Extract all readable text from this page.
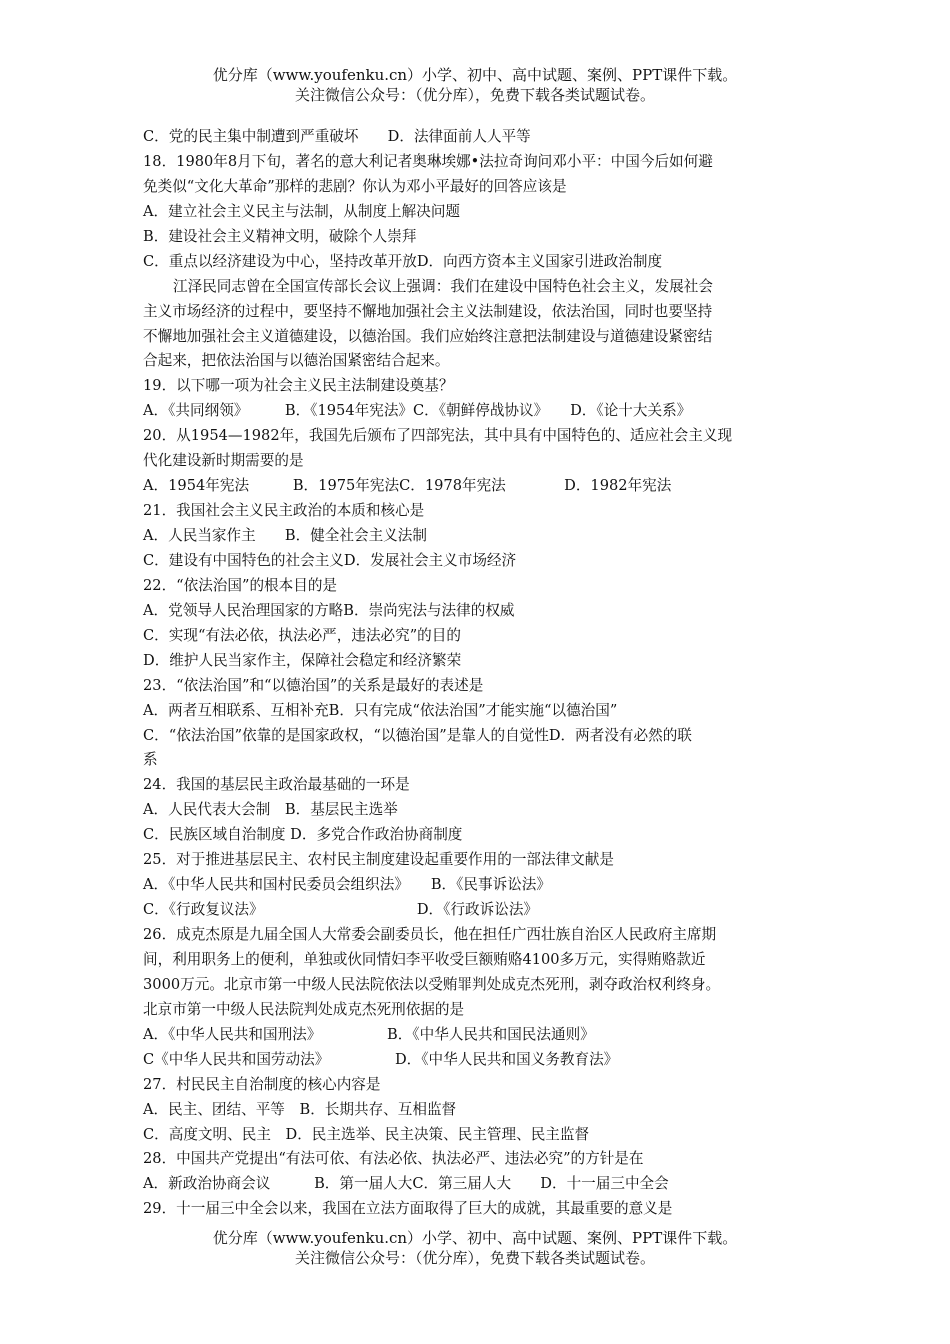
优分库（www.youfenku.cn）小学、初中、高中试题、案例、PPT课件下载。
关注微信公众号：（优分库），免费下载各类试题试卷。
C．党的民主集中制遭到严重破坏　　D．法律面前人人平等
18．1980年8月下旬，著名的意大利记者奥琳埃娜•法拉奇询问邓小平：中国今后如何避
免类似“文化大革命”那样的悲剧？你认为邓小平最好的回答应该是
A．建立社会主义民主与法制，从制度上解决问题
B．建设社会主义精神文明，破除个人崇拜
C．重点以经济建设为中心，坚持改革开放D．向西方资本主义国家引进政治制度
江泽民同志曾在全国宣传部长会议上强调：我们在建设中国特色社会主义，发展社会
主义市场经济的过程中，要坚持不懈地加强社会主义法制建设，依法治国，同时也要坚持
不懈地加强社会主义道德建设，以德治国。我们应始终注意把法制建设与道德建设紧密结
合起来，把依法治国与以德治国紧密结合起来。
19．以下哪一项为社会主义民主法制建设奠基？
A．《共同纲领》　　　B．《1954年宪法》C．《朝鲜停战协议》　　D．《论十大关系》
20．从1954—1982年，我国先后颁布了四部宪法，其中具有中国特色的、适应社会主义现
代化建设新时期需要的是
A．1954年宪法　　　B．1975年宪法C．1978年宪法　　　　D．1982年宪法
21．我国社会主义民主政治的本质和核心是
A．人民当家作主　　B．健全社会主义法制
C．建设有中国特色的社会主义D．发展社会主义市场经济
22．“依法治国”的根本目的是
A．党领导人民治理国家的方略B．崇尚宪法与法律的权威
C．实现“有法必依，执法必严，违法必究”的目的
D．维护人民当家作主，保障社会稳定和经济繁荣
23．“依法治国”和“以德治国”的关系是最好的表述是
A．两者互相联系、互相补充B．只有完成“依法治国”才能实施“以德治国”
C．“依法治国”依靠的是国家政权，“以德治国”是靠人的自觉性D．两者没有必然的联
系
24．我国的基层民主政治最基础的一环是
A．人民代表大会制　B．基层民主选举
C．民族区域自治制度 D．多党合作政治协商制度
25．对于推进基层民主、农村民主制度建设起重要作用的一部法律文献是
A．《中华人民共和国村民委员会组织法》　　B．《民事诉讼法》
C．《行政复议法》　　　　　　　　　　　D．《行政诉讼法》
26．成克杰原是九届全国人大常委会副委员长，他在担任广西壮族自治区人民政府主席期
间，利用职务上的便利，单独或伙同情妇李平收受巨额贿赂4100多万元，实得贿赂款近
3000万元。北京市第一中级人民法院依法以受贿罪判处成克杰死刑，剥夺政治权利终身。
北京市第一中级人民法院判处成克杰死刑依据的是
A．《中华人民共和国刑法》　　　　　B．《中华人民共和国民法通则》
C《中华人民共和国劳动法》　　　　　D．《中华人民共和国义务教育法》
27．村民民主自治制度的核心内容是
A．民主、团结、平等　B．长期共存、互相监督
C．高度文明、民主　D．民主选举、民主决策、民主管理、民主监督
28．中国共产党提出“有法可依、有法必依、执法必严、违法必究”的方针是在
A．新政治协商会议　　　B．第一届人大C．第三届人大　　D．十一届三中全会
29．十一届三中全会以来，我国在立法方面取得了巨大的成就，其最重要的意义是
优分库（www.youfenku.cn）小学、初中、高中试题、案例、PPT课件下载。
关注微信公众号：（优分库），免费下载各类试题试卷。
